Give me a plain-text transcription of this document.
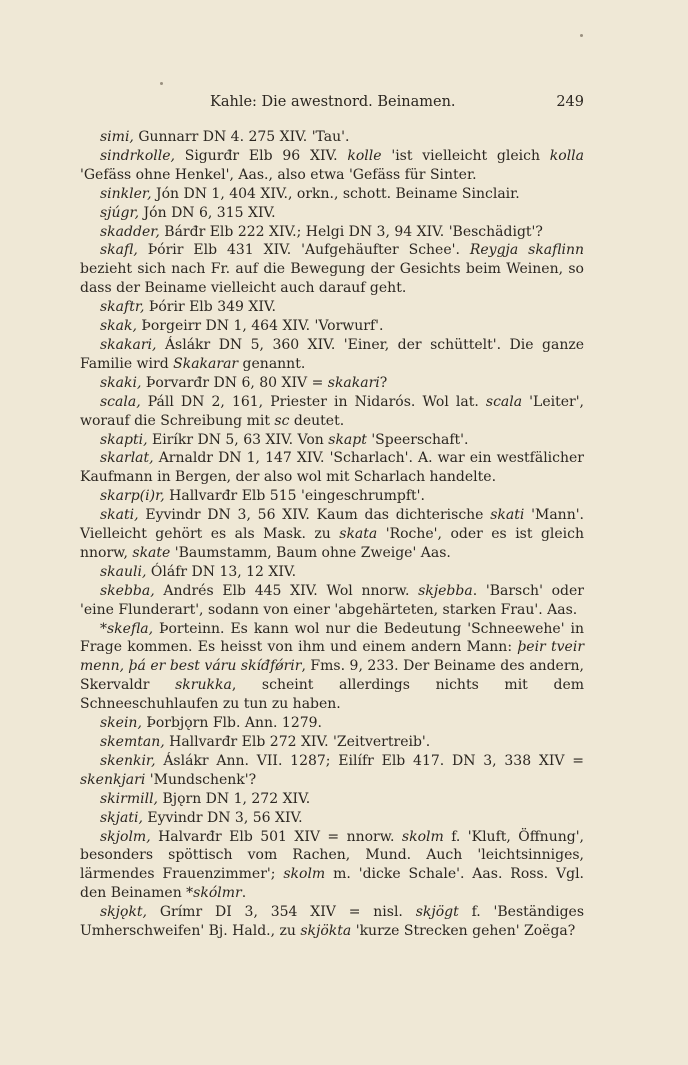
Kahle: Die awestnord. Beinamen.	249

simi, Gunnarr DN 4. 275 XIV. 'Tau'.

sindrkolle, Sigurđr Elb 96 XIV. kolle 'ist vielleicht gleich kolla 'Gefäss ohne Henkel', Aas., also etwa 'Gefäss für Sinter.

sinkler, Jón DN 1, 404 XIV., orkn., schott. Beiname Sinclair.

sjúgr, Jón DN 6, 315 XIV.

skadder, Bárđr Elb 222 XIV.; Helgi DN 3, 94 XIV. 'Beschädigt'?

skafl, Þórir Elb 431 XIV. 'Aufgehäufter Schee'. Reygja skaflinn bezieht sich nach Fr. auf die Bewegung der Gesichts beim Weinen, so dass der Beiname vielleicht auch darauf geht.

skaftr, Þórir Elb 349 XIV.

skak, Þorgeirr DN 1, 464 XIV. 'Vorwurf'.

skakari, Áslákr DN 5, 360 XIV. 'Einer, der schüttelt'. Die ganze Familie wird Skakarar genannt.

skaki, Þorvarđr DN 6, 80 XIV = skakari?

scala, Páll DN 2, 161, Priester in Nidarós. Wol lat. scala 'Leiter', worauf die Schreibung mit sc deutet.

skapti, Eiríkr DN 5, 63 XIV. Von skapt 'Speerschaft'.

skarlat, Arnaldr DN 1, 147 XIV. 'Scharlach'. A. war ein westfälicher Kaufmann in Bergen, der also wol mit Scharlach handelte.

skarp(i)r, Hallvarđr Elb 515 'eingeschrumpft'.

skati, Eyvindr DN 3, 56 XIV. Kaum das dichterische skati 'Mann'. Vielleicht gehört es als Mask. zu skata 'Roche', oder es ist gleich nnorw, skate 'Baumstamm, Baum ohne Zweige' Aas.

skauli, Óláfr DN 13, 12 XIV.

skebba, Andrés Elb 445 XIV. Wol nnorw. skjebba. 'Barsch' oder 'eine Flunderart', sodann von einer 'abgehärteten, starken Frau'. Aas.

*skefla, Þorteinn. Es kann wol nur die Bedeutung 'Schneewehe' in Frage kommen. Es heisst von ihm und einem andern Mann: þeir tveir menn, þá er best váru skíđfǿrir, Fms. 9, 233. Der Beiname des andern, Skervaldr skrukka, scheint allerdings nichts mit dem Schneeschuhlaufen zu tun zu haben.

skein, Þorbjǫrn Flb. Ann. 1279.

skemtan, Hallvarđr Elb 272 XIV. 'Zeitvertreib'.

skenkir, Áslákr Ann. VII. 1287; Eilífr Elb 417. DN 3, 338 XIV = skenkjari 'Mundschenk'?

skirmill, Bjǫrn DN 1, 272 XIV.

skjati, Eyvindr DN 3, 56 XIV.

skjolm, Halvarđr Elb 501 XIV = nnorw. skolm f. 'Kluft, Öffnung', besonders spöttisch vom Rachen, Mund. Auch 'leichtsinniges, lärmendes Frauenzimmer'; skolm m. 'dicke Schale'. Aas. Ross. Vgl. den Beinamen *skólmr.

skjǫkt, Grímr DI 3, 354 XIV = nisl. skjögt f. 'Beständiges Umherschweifen' Bj. Hald., zu skjökta 'kurze Strecken gehen' Zoëga?
